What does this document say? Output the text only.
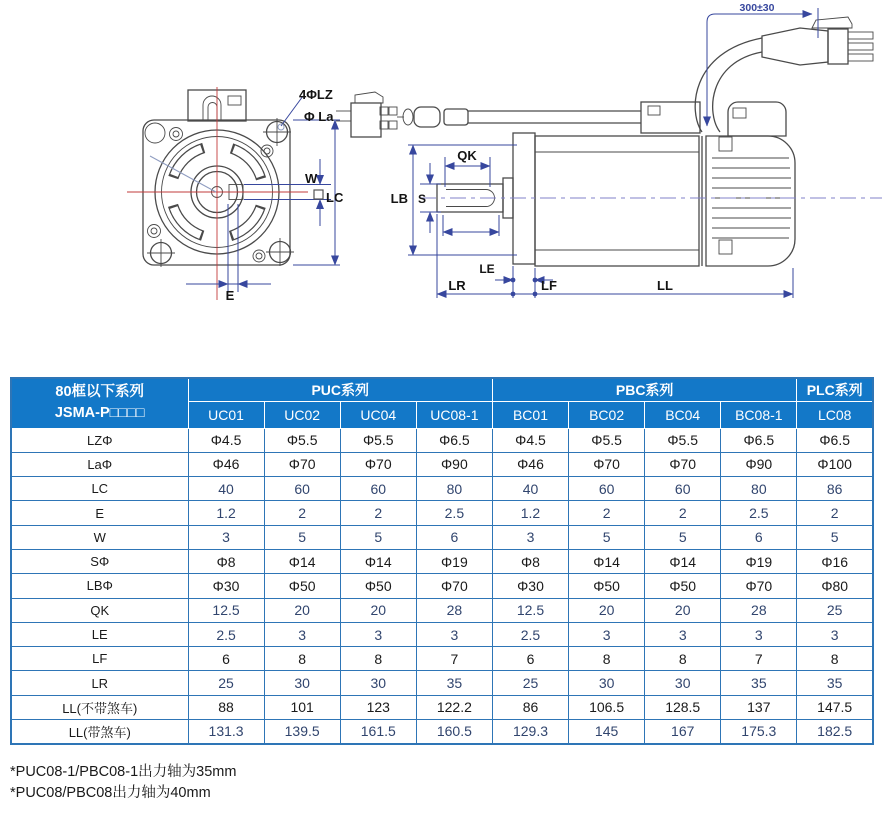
4ΦLZ
Φ La
W
LC
E
300±30
LB S
QK
LE
LR	LF	LL
80框以下系列
JSMA-P□□□□	PUC系列				PBC系列				PLC系列
	UC01	UC02	UC04	UC08-1	BC01	BC02	BC04	BC08-1	LC08
LZΦ	Φ4.5	Φ5.5	Φ5.5	Φ6.5	Φ4.5	Φ5.5	Φ5.5	Φ6.5	Φ6.5
LaΦ	Φ46	Φ70	Φ70	Φ90	Φ46	Φ70	Φ70	Φ90	Φ100
LC	40	60	60	80	40	60	60	80	86
E	1.2	2	2	2.5	1.2	2	2	2.5	2
W	3	5	5	6	3	5	5	6	5
SΦ	Φ8	Φ14	Φ14	Φ19	Φ8	Φ14	Φ14	Φ19	Φ16
LBΦ	Φ30	Φ50	Φ50	Φ70	Φ30	Φ50	Φ50	Φ70	Φ80
QK	12.5	20	20	28	12.5	20	20	28	25
LE	2.5	3	3	3	2.5	3	3	3	3
LF	6	8	8	7	6	8	8	7	8
LR	25	30	30	35	25	30	30	35	35
LL(不带煞车)	88	101	123	122.2	86	106.5	128.5	137	147.5
LL(带煞车)	131.3	139.5	161.5	160.5	129.3	145	167	175.3	182.5
*PUC08-1/PBC08-1出力轴为35mm
*PUC08/PBC08出力轴为40mm
